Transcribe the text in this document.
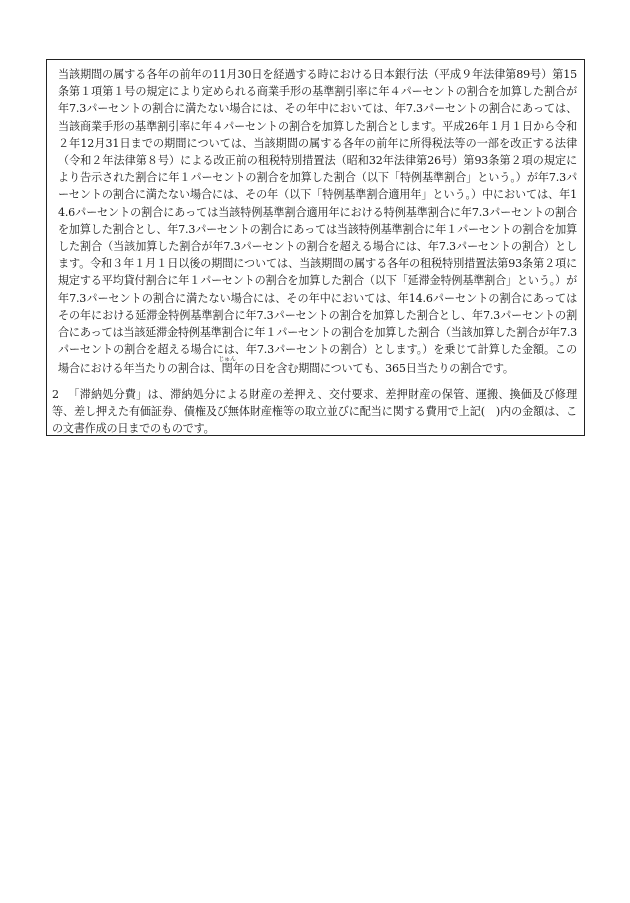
当該期間の属する各年の前年の11月30日を経過する時における日本銀行法（平成９年法律第89号）第15条第１項第１号の規定により定められる商業手形の基準割引率に年４パーセントの割合を加算した割合が年7.3パーセントの割合に満たない場合には、その年中においては、年7.3パーセントの割合にあっては、当該商業手形の基準割引率に年４パーセントの割合を加算した割合とします。平成26年１月１日から令和２年12月31日までの期間については、当該期間の属する各年の前年に所得税法等の一部を改正する法律（令和２年法律第８号）による改正前の租税特別措置法（昭和32年法律第26号）第93条第２項の規定により告示された割合に年１パーセントの割合を加算した割合（以下「特例基準割合」という。）が年7.3パーセントの割合に満たない場合には、その年（以下「特例基準割合適用年」という。）中においては、年14.6パーセントの割合にあっては当該特例基準割合適用年における特例基準割合に年7.3パーセントの割合を加算した割合とし、年7.3パーセントの割合にあっては当該特例基準割合に年１パーセントの割合を加算した割合（当該加算した割合が年7.3パーセントの割合を超える場合には、年7.3パーセントの割合）とします。令和３年１月１日以後の期間については、当該期間の属する各年の租税特別措置法第93条第２項に規定する平均貸付割合に年１パーセントの割合を加算した割合（以下「延滞金特例基準割合」という。）が年7.3パーセントの割合に満たない場合には、その年中においては、年14.6パーセントの割合にあってはその年における延滞金特例基準割合に年7.3パーセントの割合を加算した割合とし、年7.3パーセントの割合にあっては当該延滞金特例基準割合に年１パーセントの割合を加算した割合（当該加算した割合が年7.3パーセントの割合を超える場合には、年7.3パーセントの割合）とします。）を乗じて計算した金額。この場合における年当たりの割合は、閏じゅん年の日を含む期間についても、365日当たりの割合です。

2 「滞納処分費」は、滞納処分による財産の差押え、交付要求、差押財産の保管、運搬、換価及び修理等、差し押えた有価証券、債権及び無体財産権等の取立並びに配当に関する費用で上記(　)内の金額は、この文書作成の日までのものです。
